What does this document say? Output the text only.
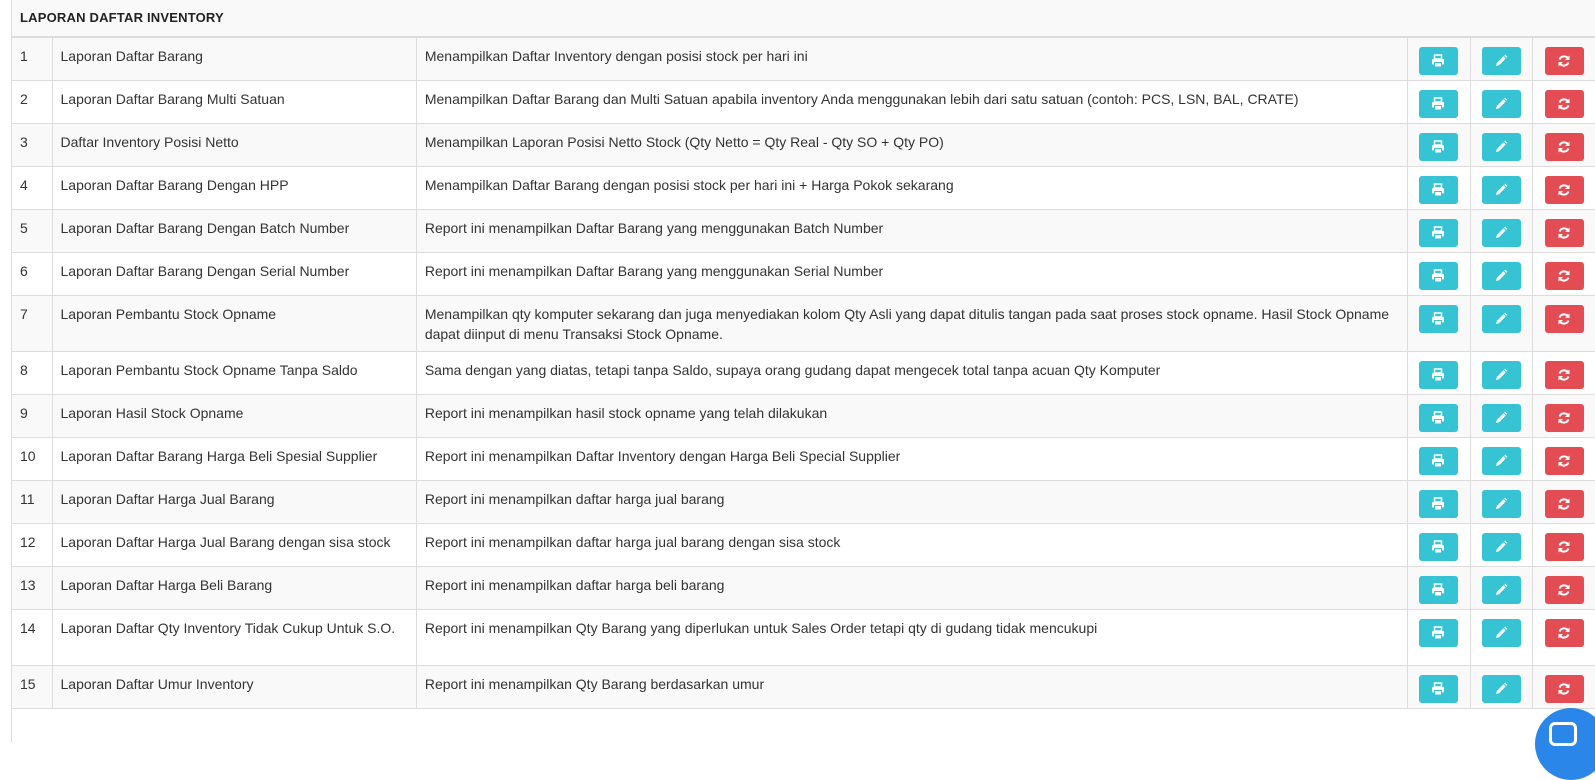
LAPORAN DAFTAR INVENTORY
1	Laporan Daftar Barang	Menampilkan Daftar Inventory dengan posisi stock per hari ini	

2	Laporan Daftar Barang Multi Satuan	Menampilkan Daftar Barang dan Multi Satuan apabila inventory Anda menggunakan lebih dari satu satuan (contoh: PCS, LSN, BAL, CRATE)	

3	Daftar Inventory Posisi Netto	Menampilkan Laporan Posisi Netto Stock (Qty Netto = Qty Real - Qty SO + Qty PO)	

4	Laporan Daftar Barang Dengan HPP	Menampilkan Daftar Barang dengan posisi stock per hari ini + Harga Pokok sekarang	

5	Laporan Daftar Barang Dengan Batch Number	Report ini menampilkan Daftar Barang yang menggunakan Batch Number	

6	Laporan Daftar Barang Dengan Serial Number	Report ini menampilkan Daftar Barang yang menggunakan Serial Number	

7	Laporan Pembantu Stock Opname	Menampilkan qty komputer sekarang dan juga menyediakan kolom Qty Asli yang dapat ditulis tangan pada saat proses stock opname. Hasil Stock Opname dapat diinput di menu Transaksi Stock Opname.	

8	Laporan Pembantu Stock Opname Tanpa Saldo	Sama dengan yang diatas, tetapi tanpa Saldo, supaya orang gudang dapat mengecek total tanpa acuan Qty Komputer	

9	Laporan Hasil Stock Opname	Report ini menampilkan hasil stock opname yang telah dilakukan	

10	Laporan Daftar Barang Harga Beli Spesial Supplier	Report ini menampilkan Daftar Inventory dengan Harga Beli Special Supplier	

11	Laporan Daftar Harga Jual Barang	Report ini menampilkan daftar harga jual barang	

12	Laporan Daftar Harga Jual Barang dengan sisa stock	Report ini menampilkan daftar harga jual barang dengan sisa stock	

13	Laporan Daftar Harga Beli Barang	Report ini menampilkan daftar harga beli barang	

14	Laporan Daftar Qty Inventory Tidak Cukup Untuk S.O.	Report ini menampilkan Qty Barang yang diperlukan untuk Sales Order tetapi qty di gudang tidak mencukupi	

15	Laporan Daftar Umur Inventory	Report ini menampilkan Qty Barang berdasarkan umur	
